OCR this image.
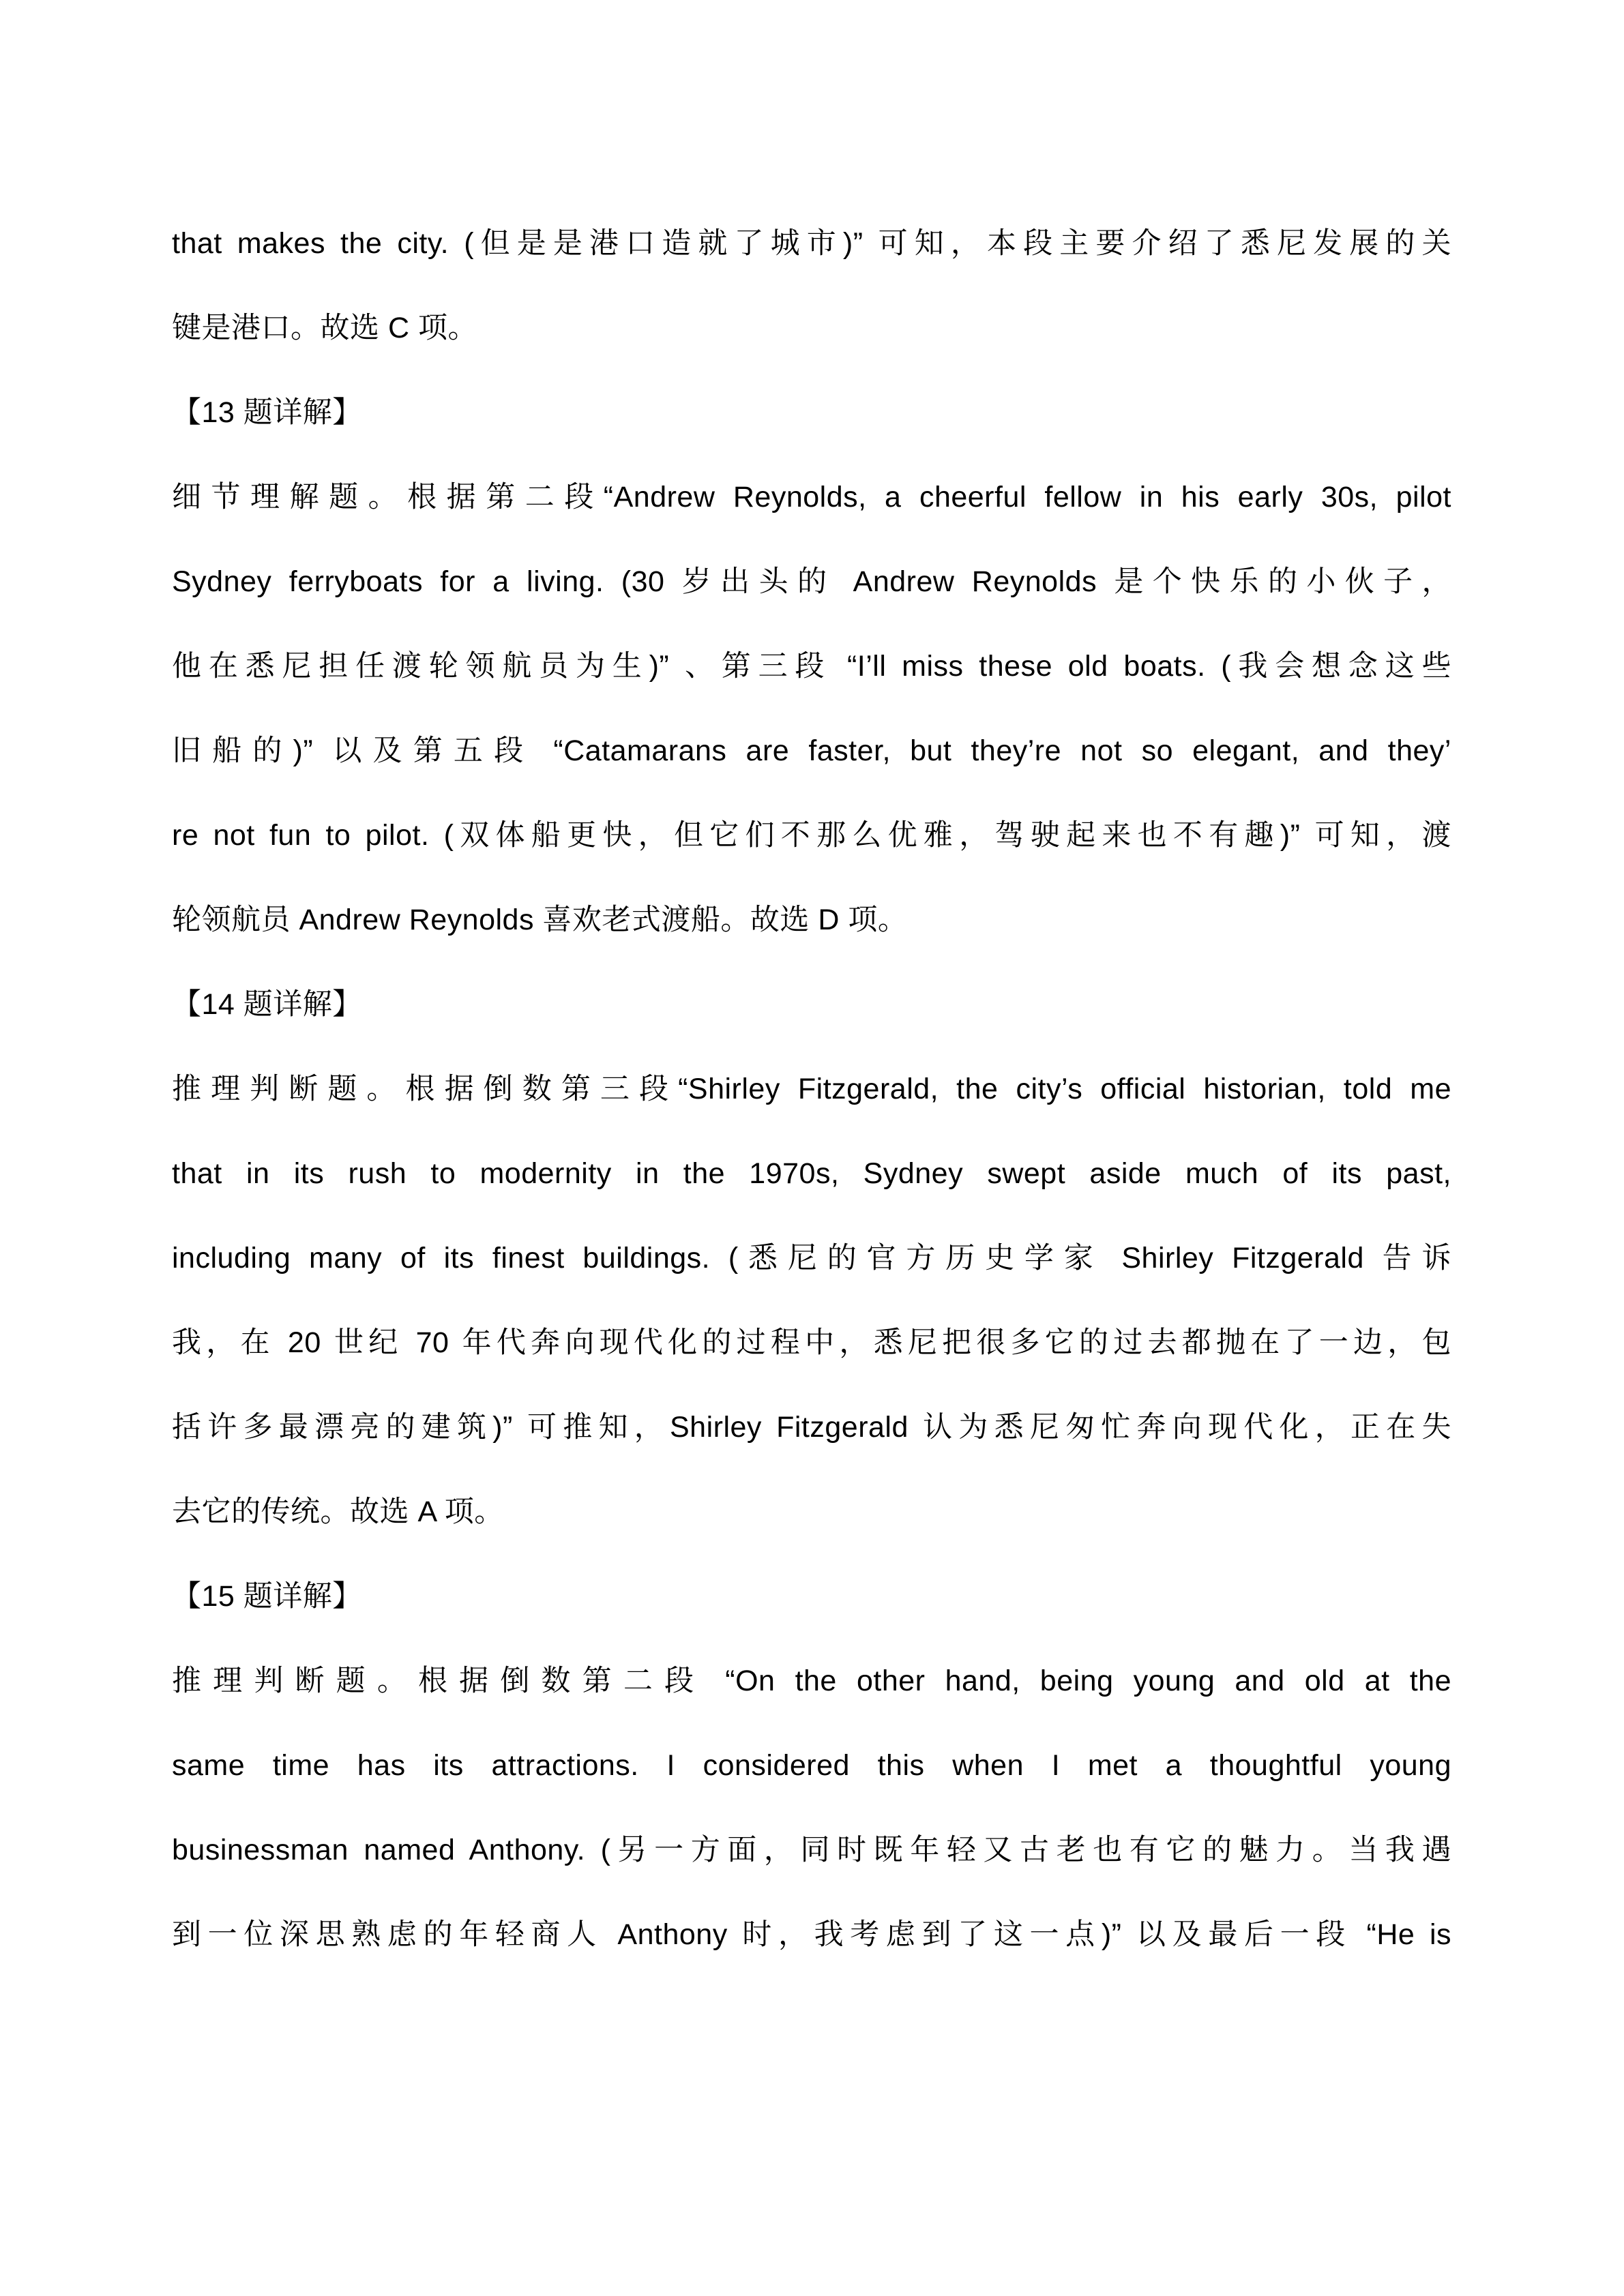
that makes the city. (但是是港口造就了城市)” 可知，本段主要介绍了悉尼发展的关
键是港口。故选 C 项。
【13 题详解】
细节理解题。根据第二段“Andrew Reynolds, a cheerful fellow in his early 30s, pilot
Sydney ferryboats for a living. (30 岁出头的 Andrew Reynolds 是个快乐的小伙子，
他在悉尼担任渡轮领航员为生)” 、第三段 “I’ll miss these old boats. (我会想念这些
旧船的)” 以及第五段 “Catamarans are faster, but they’re not so elegant, and they’
re not fun to pilot. (双体船更快，但它们不那么优雅，驾驶起来也不有趣)” 可知，渡
轮领航员 Andrew Reynolds 喜欢老式渡船。故选 D 项。
【14 题详解】
推理判断题。根据倒数第三段“Shirley Fitzgerald, the city’s official historian, told me
that in its rush to modernity in the 1970s, Sydney swept aside much of its past,
including many of its finest buildings. (悉尼的官方历史学家 Shirley Fitzgerald 告诉
我，在 20 世纪 70 年代奔向现代化的过程中，悉尼把很多它的过去都抛在了一边，包
括许多最漂亮的建筑)” 可推知，Shirley Fitzgerald 认为悉尼匆忙奔向现代化，正在失
去它的传统。故选 A 项。
【15 题详解】
推理判断题。根据倒数第二段 “On the other hand, being young and old at the
same time has its attractions. I considered this when I met a thoughtful young
businessman named Anthony. (另一方面，同时既年轻又古老也有它的魅力。当我遇
到一位深思熟虑的年轻商人 Anthony 时，我考虑到了这一点)” 以及最后一段 “He is
